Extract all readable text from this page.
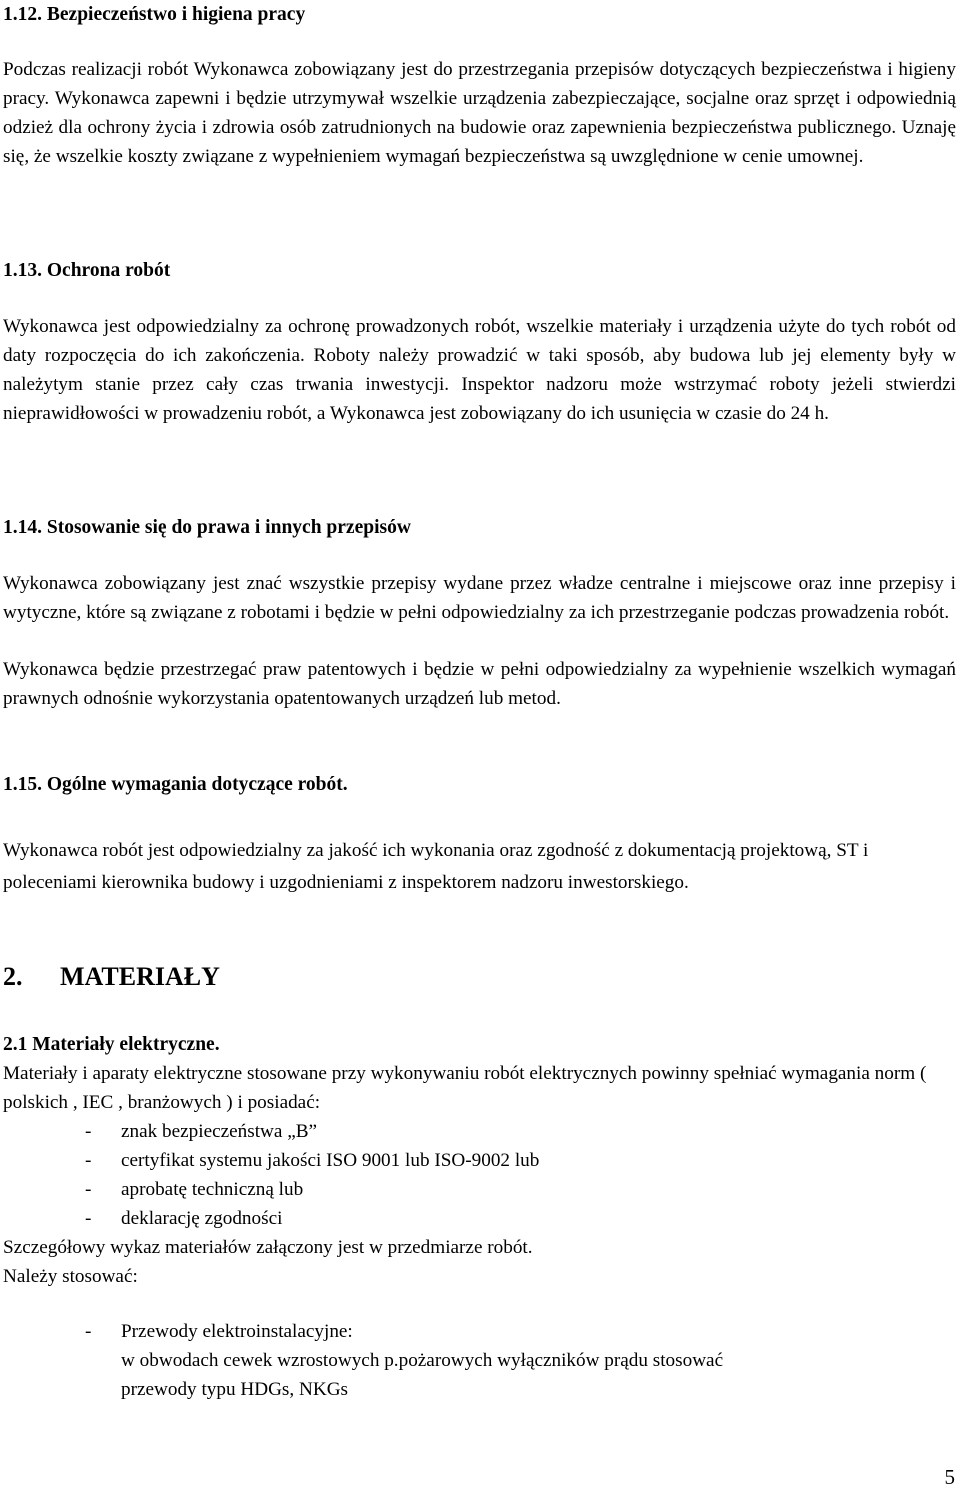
1.12. Bezpieczeństwo i higiena pracy

Podczas realizacji robót Wykonawca zobowiązany jest do przestrzegania przepisów dotyczących bezpieczeństwa i higieny pracy. Wykonawca zapewni i będzie utrzymywał wszelkie urządzenia zabezpieczające, socjalne oraz sprzęt i odpowiednią odzież dla ochrony życia i zdrowia osób zatrudnionych na budowie oraz zapewnienia bezpieczeństwa publicznego. Uznaję się, że wszelkie koszty związane z wypełnieniem wymagań bezpieczeństwa są uwzględnione w cenie umownej.

1.13. Ochrona robót

Wykonawca jest odpowiedzialny za ochronę prowadzonych robót, wszelkie materiały i urządzenia użyte do tych robót od daty rozpoczęcia do ich zakończenia. Roboty należy prowadzić w taki sposób, aby budowa lub jej elementy były w należytym stanie przez cały czas trwania inwestycji. Inspektor nadzoru może wstrzymać roboty jeżeli stwierdzi nieprawidłowości w prowadzeniu robót, a Wykonawca jest zobowiązany do ich usunięcia w czasie do 24 h.

1.14. Stosowanie się do prawa i innych przepisów

Wykonawca zobowiązany jest znać wszystkie przepisy wydane przez władze centralne i miejscowe oraz inne przepisy i wytyczne, które są związane z robotami i będzie w pełni odpowiedzialny za ich przestrzeganie podczas prowadzenia robót.

Wykonawca będzie przestrzegać praw patentowych i będzie w pełni odpowiedzialny za wypełnienie wszelkich wymagań prawnych odnośnie wykorzystania opatentowanych urządzeń lub metod.

1.15. Ogólne wymagania dotyczące robót.

Wykonawca robót jest odpowiedzialny za jakość ich wykonania oraz zgodność z dokumentacją projektową, ST i poleceniami kierownika budowy i uzgodnieniami z inspektorem nadzoru inwestorskiego.

2. MATERIAŁY
2.1 Materiały elektryczne.

Materiały i aparaty elektryczne stosowane przy wykonywaniu robót elektrycznych powinny spełniać wymagania norm ( polskich , IEC , branżowych ) i posiadać:

- znak bezpieczeństwa „B”
- certyfikat systemu jakości ISO 9001 lub ISO-9002 lub
- aprobatę techniczną lub
- deklarację zgodności

Szczegółowy wykaz materiałów załączony jest w przedmiarze robót.

Należy stosować:

- Przewody elektroinstalacyjne:
w obwodach cewek wzrostowych p.pożarowych wyłączników prądu stosować
przewody typu HDGs, NKGs
5
